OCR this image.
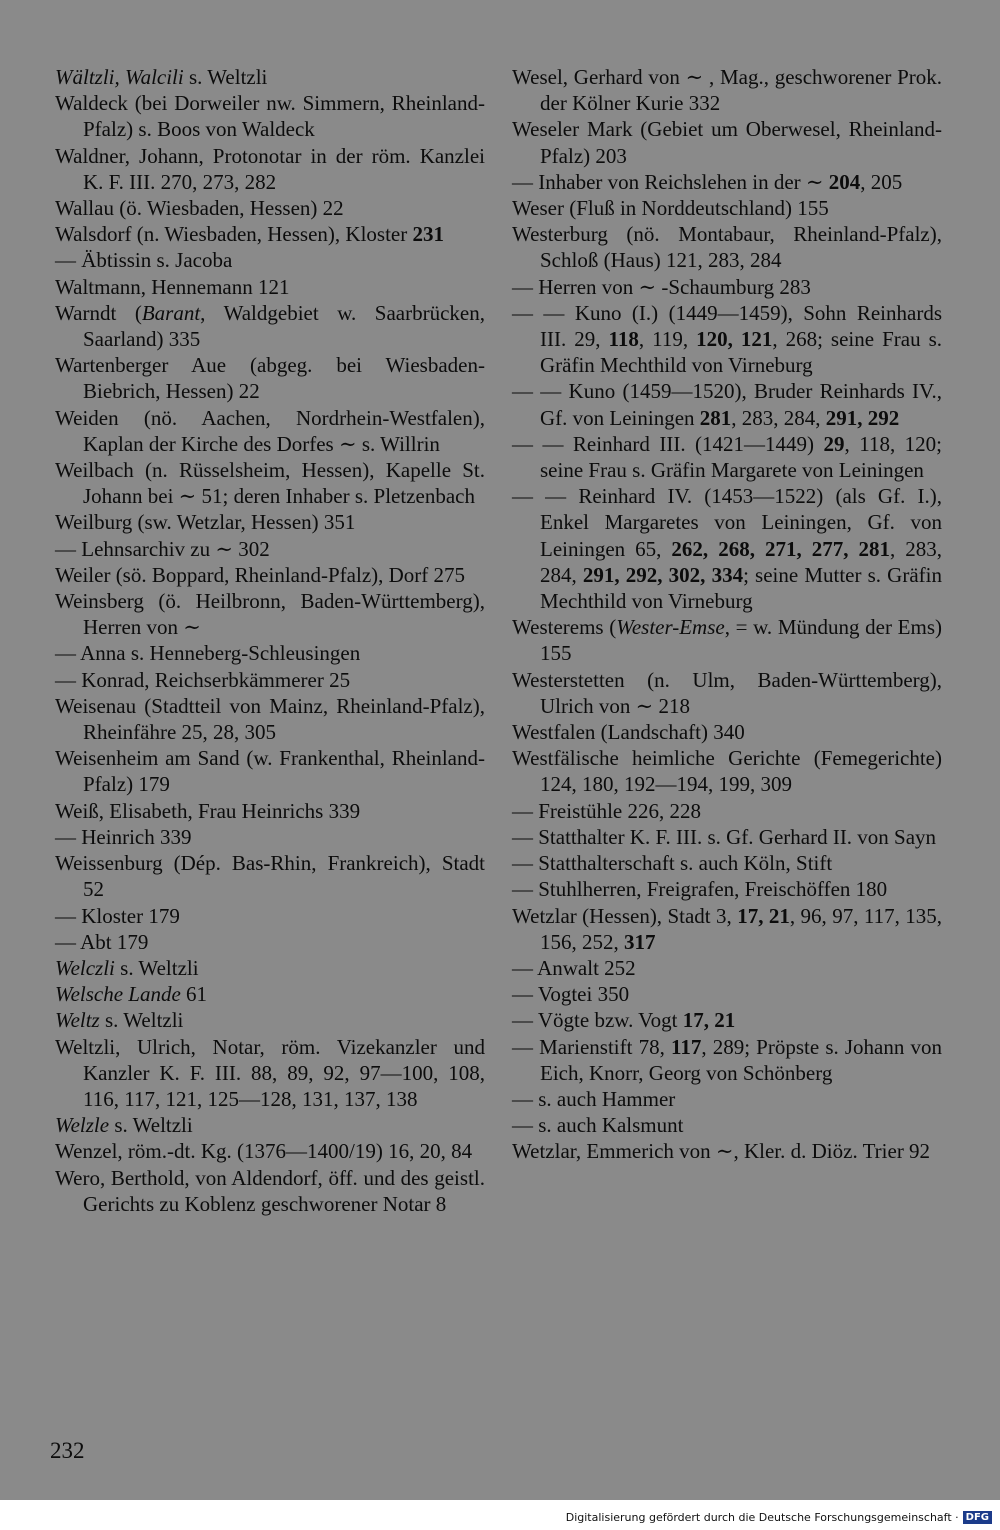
Wältzli, Walcili s. Weltzli
Waldeck (bei Dorweiler nw. Simmern, Rheinland-Pfalz) s. Boos von Waldeck
Waldner, Johann, Protonotar in der röm. Kanzlei K. F. III. 270, 273, 282
Wallau (ö. Wiesbaden, Hessen) 22
Walsdorf (n. Wiesbaden, Hessen), Kloster 231
— Äbtissin s. Jacoba
Waltmann, Hennemann 121
Warndt (Barant, Waldgebiet w. Saarbrücken, Saarland) 335
Wartenberger Aue (abgeg. bei Wiesbaden-Biebrich, Hessen) 22
Weiden (nö. Aachen, Nordrhein-Westfalen), Kaplan der Kirche des Dorfes ∼ s. Willrin
Weilbach (n. Rüsselsheim, Hessen), Kapelle St. Johann bei ∼ 51; deren Inhaber s. Pletzenbach
Weilburg (sw. Wetzlar, Hessen) 351
— Lehnsarchiv zu ∼ 302
Weiler (sö. Boppard, Rheinland-Pfalz), Dorf 275
Weinsberg (ö. Heilbronn, Baden-Württemberg), Herren von ∼
— Anna s. Henneberg-Schleusingen
— Konrad, Reichserbkämmerer 25
Weisenau (Stadtteil von Mainz, Rheinland-Pfalz), Rheinfähre 25, 28, 305
Weisenheim am Sand (w. Frankenthal, Rheinland-Pfalz) 179
Weiß, Elisabeth, Frau Heinrichs 339
— Heinrich 339
Weissenburg (Dép. Bas-Rhin, Frankreich), Stadt 52
— Kloster 179
— Abt 179
Welczli s. Weltzli
Welsche Lande 61
Weltz s. Weltzli
Weltzli, Ulrich, Notar, röm. Vizekanzler und Kanzler K. F. III. 88, 89, 92, 97—100, 108, 116, 117, 121, 125—128, 131, 137, 138
Welzle s. Weltzli
Wenzel, röm.-dt. Kg. (1376—1400/19) 16, 20, 84
Wero, Berthold, von Aldendorf, öff. und des geistl. Gerichts zu Koblenz geschworener Notar 8
Wesel, Gerhard von ∼ , Mag., geschworener Prok. der Kölner Kurie 332
Weseler Mark (Gebiet um Oberwesel, Rheinland-Pfalz) 203
— Inhaber von Reichslehen in der ∼ 204, 205
Weser (Fluß in Norddeutschland) 155
Westerburg (nö. Montabaur, Rheinland-Pfalz), Schloß (Haus) 121, 283, 284
— Herren von ∼ -Schaumburg 283
— — Kuno (I.) (1449—1459), Sohn Reinhards III. 29, 118, 119, 120, 121, 268; seine Frau s. Gräfin Mechthild von Virneburg
— — Kuno (1459—1520), Bruder Reinhards IV., Gf. von Leiningen 281, 283, 284, 291, 292
— — Reinhard III. (1421—1449) 29, 118, 120; seine Frau s. Gräfin Margarete von Leiningen
— — Reinhard IV. (1453—1522) (als Gf. I.), Enkel Margaretes von Leiningen, Gf. von Leiningen 65, 262, 268, 271, 277, 281, 283, 284, 291, 292, 302, 334; seine Mutter s. Gräfin Mechthild von Virneburg
Westerems (Wester-Emse, = w. Mündung der Ems) 155
Westerstetten (n. Ulm, Baden-Württemberg), Ulrich von ∼ 218
Westfalen (Landschaft) 340
Westfälische heimliche Gerichte (Femegerichte) 124, 180, 192—194, 199, 309
— Freistühle 226, 228
— Statthalter K. F. III. s. Gf. Gerhard II. von Sayn
— Statthalterschaft s. auch Köln, Stift
— Stuhlherren, Freigrafen, Freischöffen 180
Wetzlar (Hessen), Stadt 3, 17, 21, 96, 97, 117, 135, 156, 252, 317
— Anwalt 252
— Vogtei 350
— Vögte bzw. Vogt 17, 21
— Marienstift 78, 117, 289; Pröpste s. Johann von Eich, Knorr, Georg von Schönberg
— s. auch Hammer
— s. auch Kalsmunt
Wetzlar, Emmerich von ∼, Kler. d. Diöz. Trier 92
232
Digitalisierung gefördert durch die Deutsche Forschungsgemeinschaft · DFG
